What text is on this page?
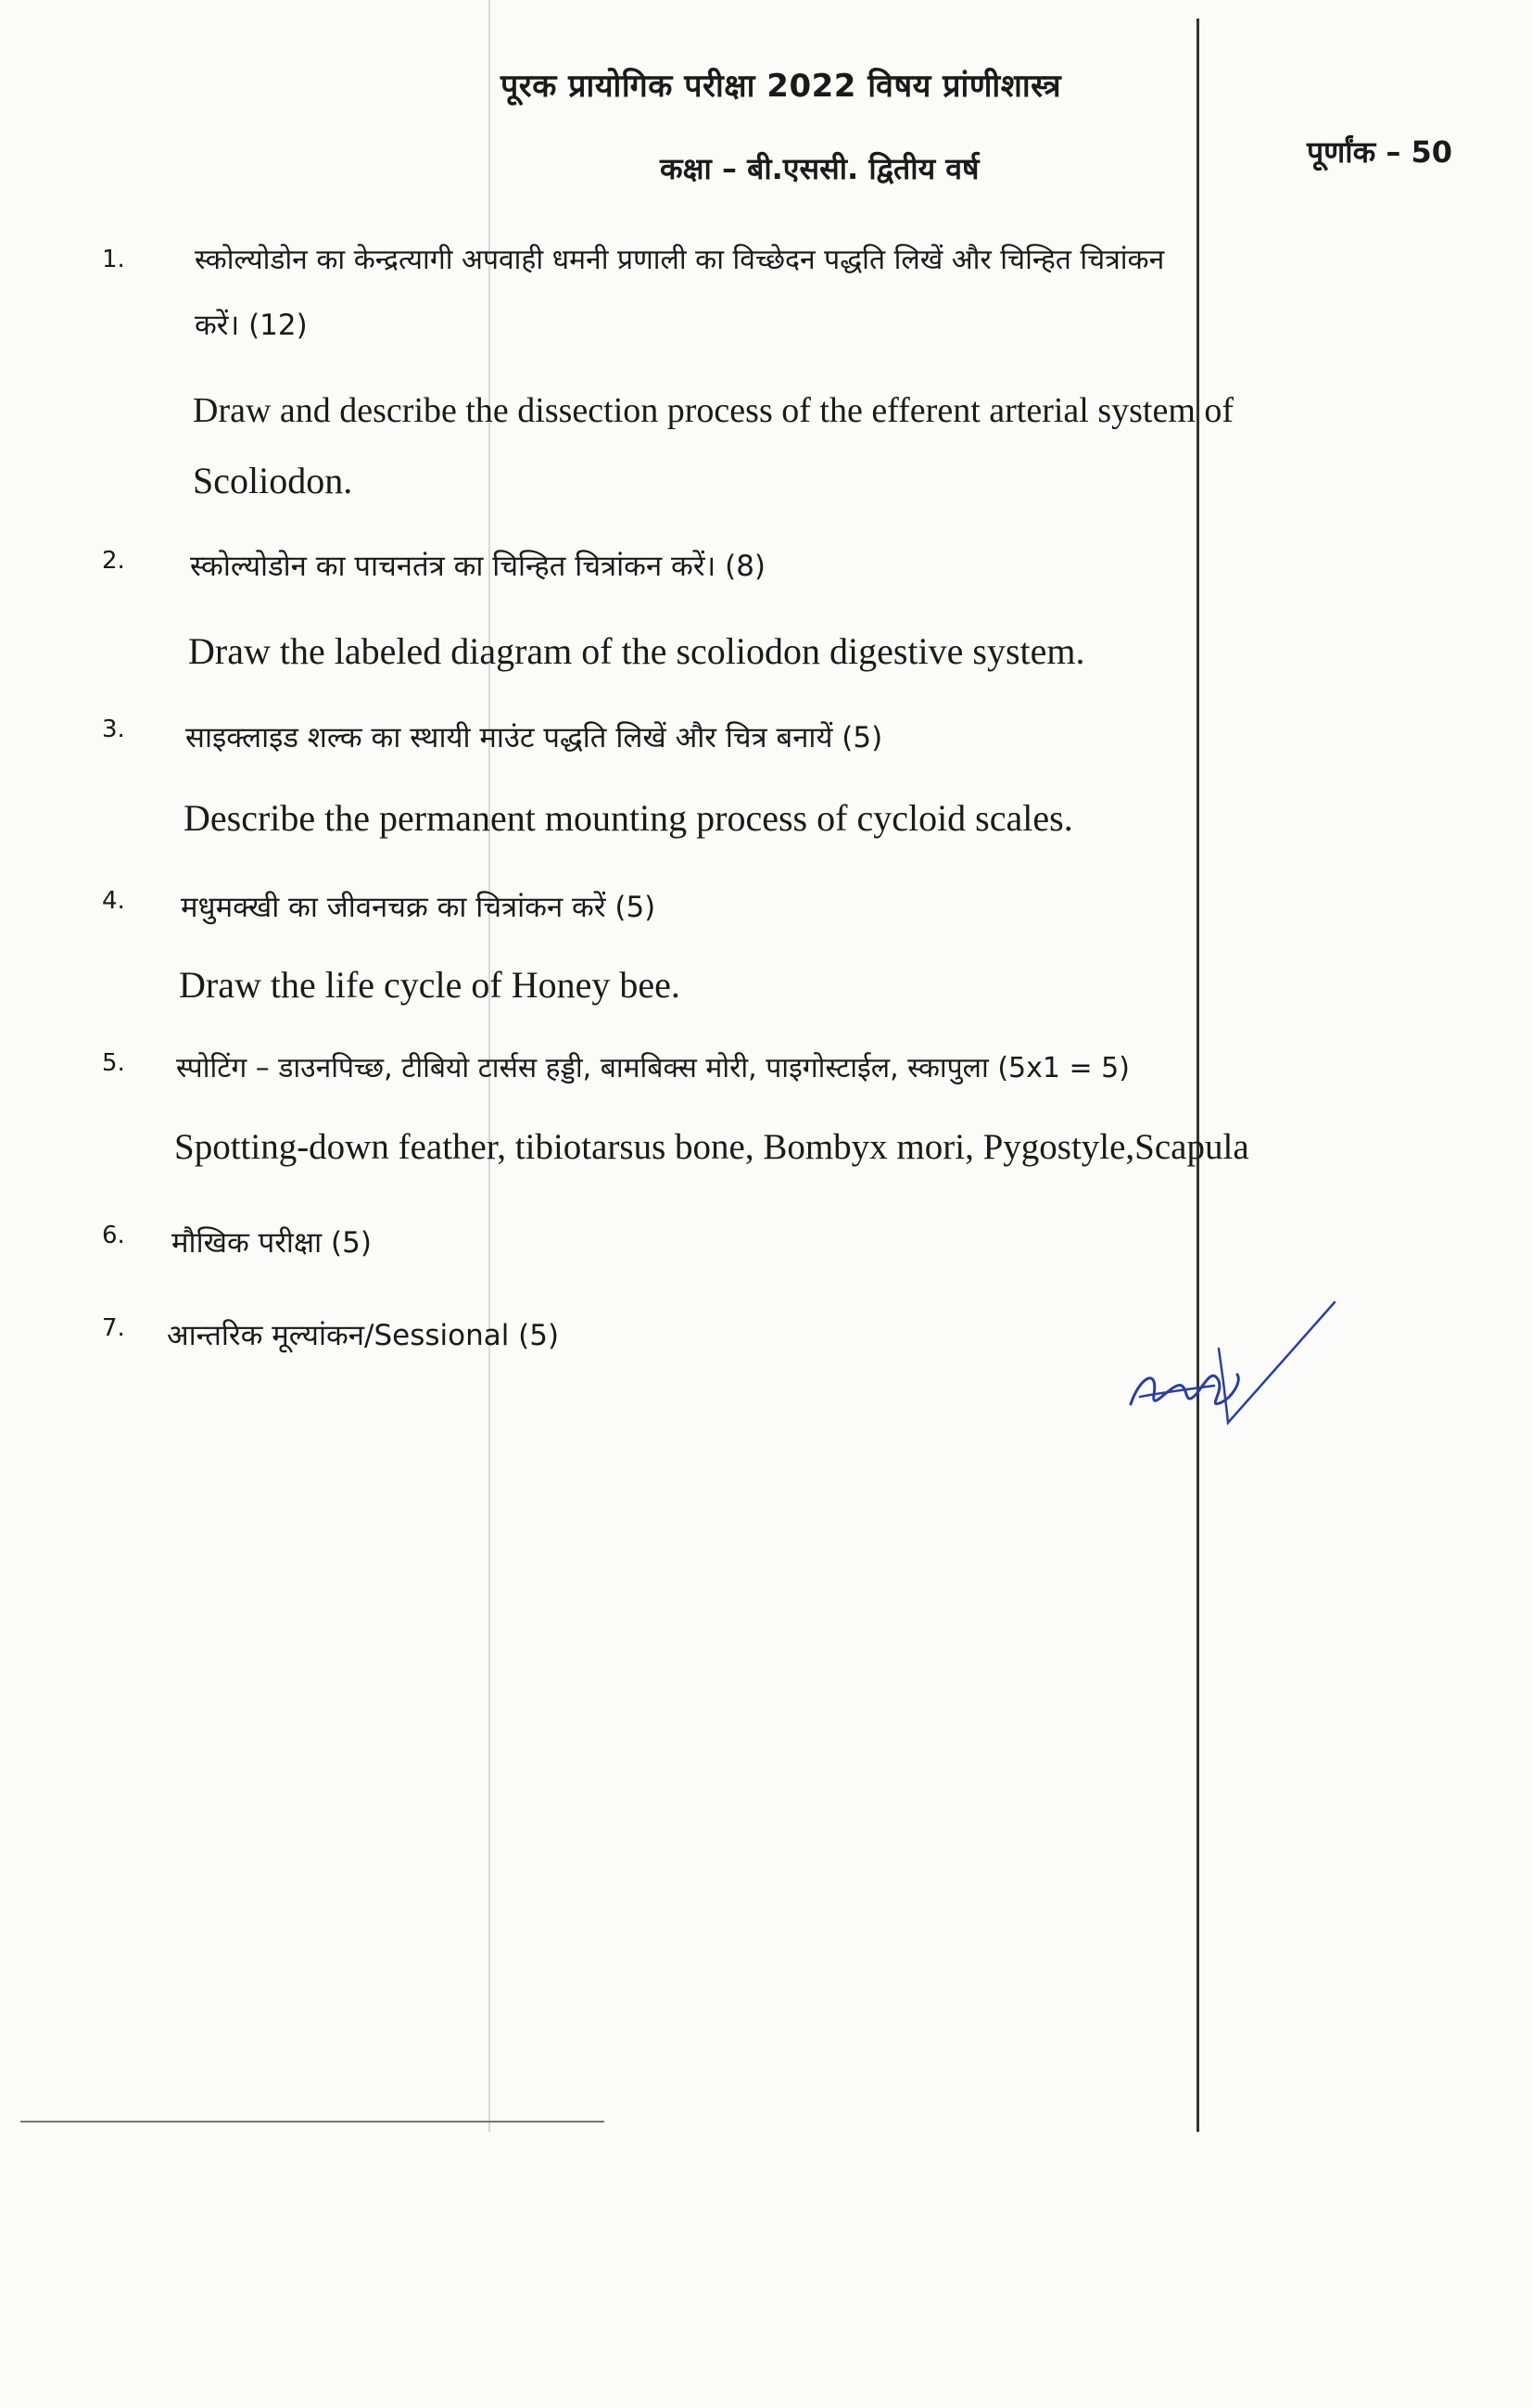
पूरक प्रायोगिक परीक्षा 2022 विषय प्रांणीशास्त्र
कक्षा – बी.एससी. द्वितीय वर्ष	पूर्णांक – 50
1.	स्कोल्योडोन का केन्द्रत्यागी अपवाही धमनी प्रणाली का विच्छेदन पद्धति लिखें और चिन्हित चित्रांकन
करें। (12)
Draw and describe the dissection process of the efferent arterial system of
Scoliodon.
2. स्कोल्योडोन का पाचनतंत्र का चिन्हित चित्रांकन करें। (8)
Draw the labeled diagram of the scoliodon digestive system.
3. साइक्लाइड शल्क का स्थायी माउंट पद्धति लिखें और चित्र बनायें (5)
Describe the permanent mounting process of cycloid scales.
4. मधुमक्खी का जीवनचक्र का चित्रांकन करें (5)
Draw the life cycle of Honey bee.
5. स्पोटिंग – डाउनपिच्छ, टीबियो टार्सस हड्डी, बामबिक्स मोरी, पाइगोस्टाईल, स्कापुला (5x1 = 5)
Spotting-down feather, tibiotarsus bone, Bombyx mori, Pygostyle,Scapula
6. मौखिक परीक्षा (5)
7. आन्तरिक मूल्यांकन/Sessional (5)
